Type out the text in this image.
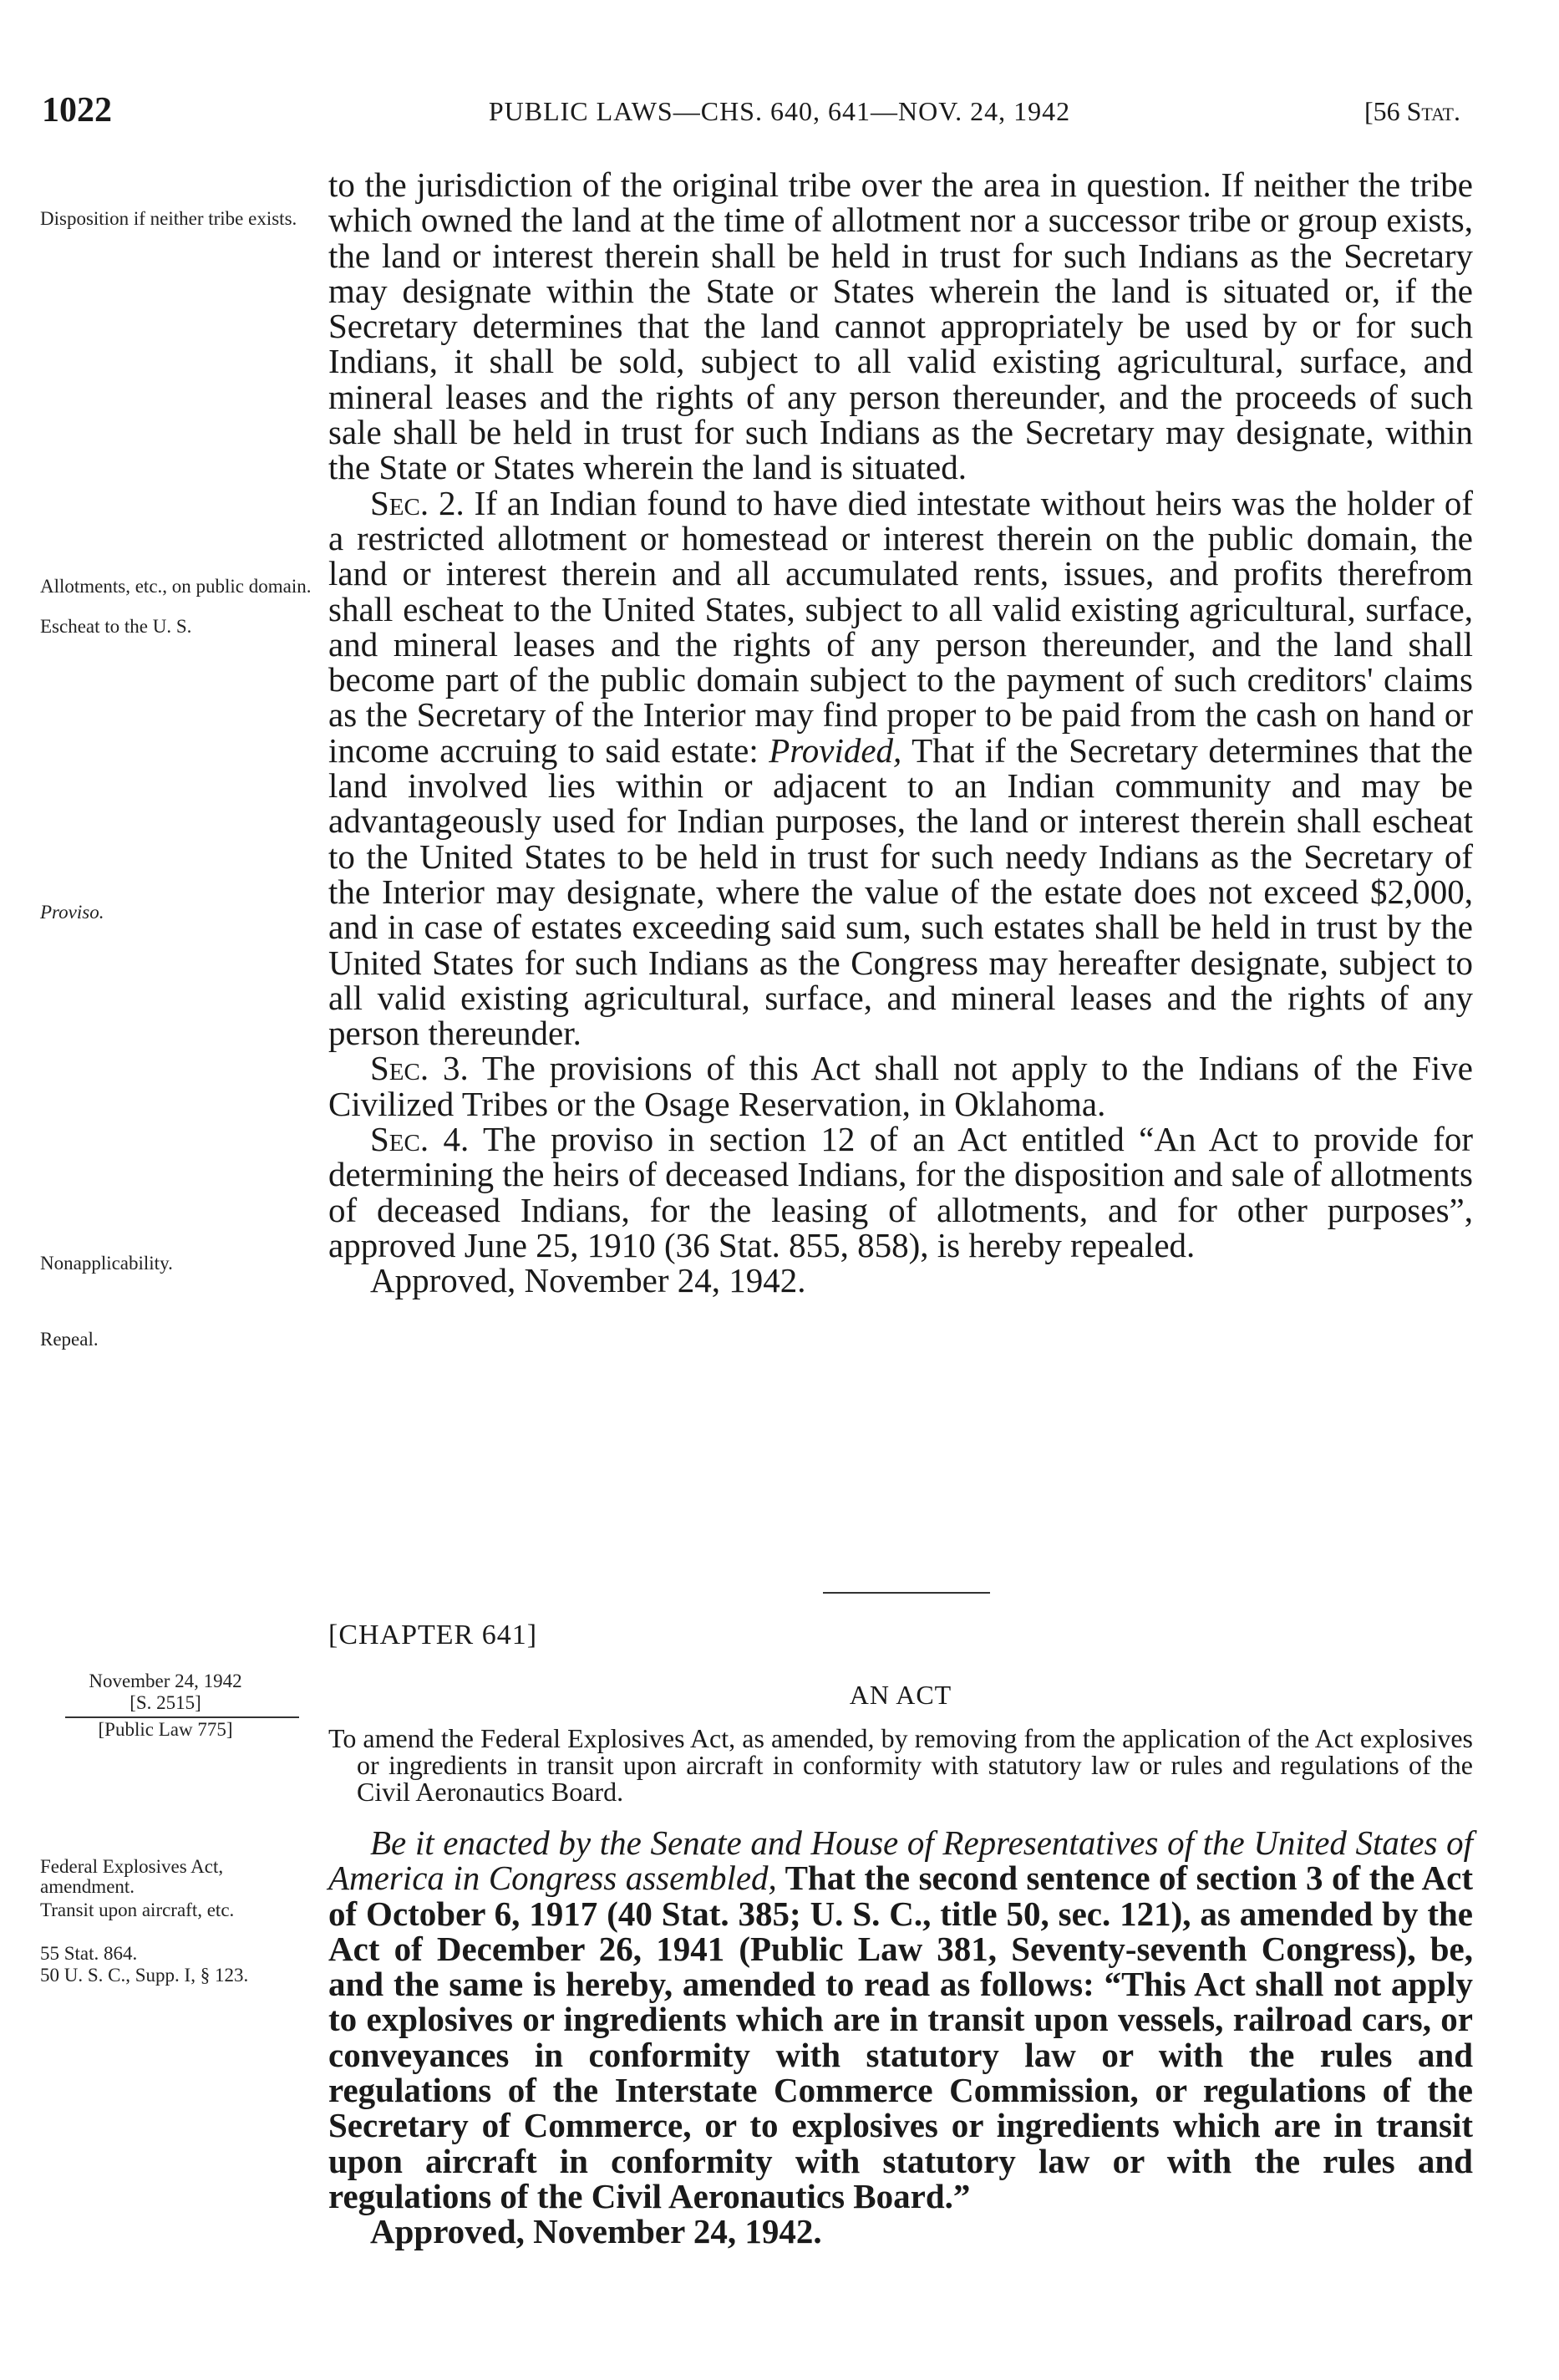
1022	PUBLIC LAWS—CHS. 640, 641—NOV. 24, 1942	[56 Stat.
Disposition if neither tribe exists.
Allotments, etc., on public domain.
Escheat to the U. S.
Proviso.
Nonapplicability.
Repeal.
November 24, 1942
[S. 2515]
[Public Law 775]
Federal Explosives Act, amendment.
Transit upon aircraft, etc.
55 Stat. 864.
50 U. S. C., Supp. I, § 123.

to the jurisdiction of the original tribe over the area in question. If neither the tribe which owned the land at the time of allotment nor a successor tribe or group exists, the land or interest therein shall be held in trust for such Indians as the Secretary may designate within the State or States wherein the land is situated or, if the Secretary determines that the land cannot appropriately be used by or for such Indians, it shall be sold, subject to all valid existing agricultural, surface, and mineral leases and the rights of any person thereunder, and the proceeds of such sale shall be held in trust for such Indians as the Secretary may designate, within the State or States wherein the land is situated.

Sec. 2. If an Indian found to have died intestate without heirs was the holder of a restricted allotment or homestead or interest therein on the public domain, the land or interest therein and all accumulated rents, issues, and profits therefrom shall escheat to the United States, subject to all valid existing agricultural, surface, and mineral leases and the rights of any person thereunder, and the land shall become part of the public domain subject to the payment of such creditors' claims as the Secretary of the Interior may find proper to be paid from the cash on hand or income accruing to said estate: Provided, That if the Secretary determines that the land involved lies within or adjacent to an Indian community and may be advantageously used for Indian purposes, the land or interest therein shall escheat to the United States to be held in trust for such needy Indians as the Secretary of the Interior may designate, where the value of the estate does not exceed $2,000, and in case of estates exceeding said sum, such estates shall be held in trust by the United States for such Indians as the Congress may hereafter designate, subject to all valid existing agricultural, surface, and mineral leases and the rights of any person thereunder.

Sec. 3. The provisions of this Act shall not apply to the Indians of the Five Civilized Tribes or the Osage Reservation, in Oklahoma.

Sec. 4. The proviso in section 12 of an Act entitled “An Act to provide for determining the heirs of deceased Indians, for the disposition and sale of allotments of deceased Indians, for the leasing of allotments, and for other purposes”, approved June 25, 1910 (36 Stat. 855, 858), is hereby repealed.

Approved, November 24, 1942.

[CHAPTER 641]
AN ACT
To amend the Federal Explosives Act, as amended, by removing from the application of the Act explosives or ingredients in transit upon aircraft in conformity with statutory law or rules and regulations of the Civil Aeronautics Board.

Be it enacted by the Senate and House of Representatives of the United States of America in Congress assembled, That the second sentence of section 3 of the Act of October 6, 1917 (40 Stat. 385; U. S. C., title 50, sec. 121), as amended by the Act of December 26, 1941 (Public Law 381, Seventy-seventh Congress), be, and the same is hereby, amended to read as follows: “This Act shall not apply to explosives or ingredients which are in transit upon vessels, railroad cars, or conveyances in conformity with statutory law or with the rules and regulations of the Interstate Commerce Commission, or regulations of the Secretary of Commerce, or to explosives or ingredients which are in transit upon aircraft in conformity with statutory law or with the rules and regulations of the Civil Aeronautics Board.”

Approved, November 24, 1942.
